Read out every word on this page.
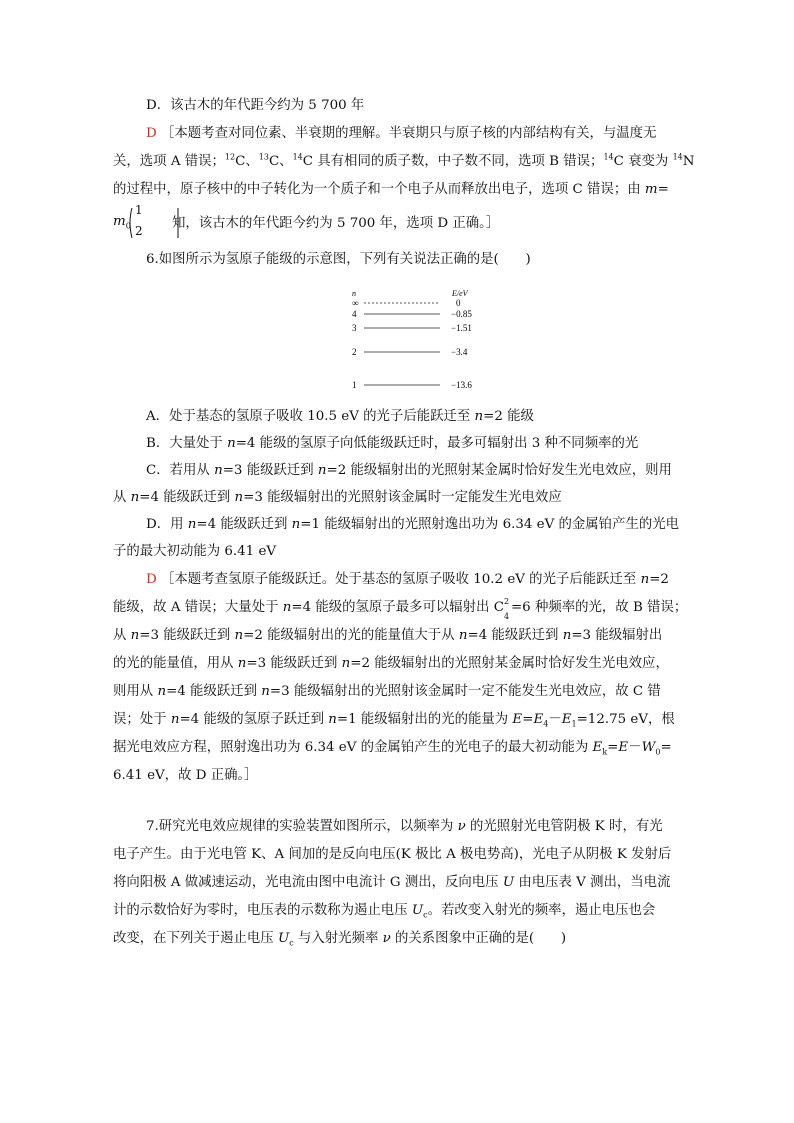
D．该古木的年代距今约为 5 700 年
D ［本题考查对同位素、半衰期的理解。半衰期只与原子核的内部结构有关，与温度无
关，选项 A 错误；$^{12}$C、$^{13}$C、$^{14}$C 具有相同的质子数，中子数不同，选项 B 错误；$^{14}$C 衰变为 $^{14}$N
的过程中，原子核中的中子转化为一个质子和一个电子从而释放出电子，选项 C 错误；由 m=
$m_0$
1
2 知，该古木的年代距今约为 5 700 年，选项 D 正确。］
6.如图所示为氢原子能级的示意图，下列有关说法正确的是(　　)
n	E/eV
∞	0
4	−0.85
3	−1.51
2	−3.4
1	−13.6
A．处于基态的氢原子吸收 10.5 eV 的光子后能跃迁至 n=2 能级
B．大量处于 n=4 能级的氢原子向低能级跃迁时，最多可辐射出 3 种不同频率的光
C．若用从 n=3 能级跃迁到 n=2 能级辐射出的光照射某金属时恰好发生光电效应，则用
从 n=4 能级跃迁到 n=3 能级辐射出的光照射该金属时一定能发生光电效应
D．用 n=4 能级跃迁到 n=1 能级辐射出的光照射逸出功为 6.34 eV 的金属铂产生的光电
子的最大初动能为 6.41 eV
D ［本题考查氢原子能级跃迁。处于基态的氢原子吸收 10.2 eV 的光子后能跃迁至 n=2
能级，故 A 错误；大量处于 n=4 能级的氢原子最多可以辐射出 C 2
4
=6 种频率的光，故 B 错误；
从 n=3 能级跃迁到 n=2 能级辐射出的光的能量值大于从 n=4 能级跃迁到 n=3 能级辐射出
的光的能量值，用从 n=3 能级跃迁到 n=2 能级辐射出的光照射某金属时恰好发生光电效应，
则用从 n=4 能级跃迁到 n=3 能级辐射出的光照射该金属时一定不能发生光电效应，故 C 错
误；处于 n=4 能级的氢原子跃迁到 n=1 能级辐射出的光的能量为 $E=E_4-E_1=12.75$ eV，根
据光电效应方程，照射逸出功为 6.34 eV 的金属铂产生的光电子的最大初动能为 $E_k=E-W_0=$
6.41 eV，故 D 正确。］
7.研究光电效应规律的实验装置如图所示，以频率为 ν 的光照射光电管阴极 K 时，有光
电子产生。由于光电管 K、A 间加的是反向电压(K 极比 A 极电势高)，光电子从阴极 K 发射后
将向阳极 A 做减速运动，光电流由图中电流计 G 测出，反向电压 U 由电压表 V 测出，当电流
计的示数恰好为零时，电压表的示数称为遏止电压 $U_c$。若改变入射光的频率，遏止电压也会
改变，在下列关于遏止电压 $U_c$ 与入射光频率 ν 的关系图象中正确的是(　　)
